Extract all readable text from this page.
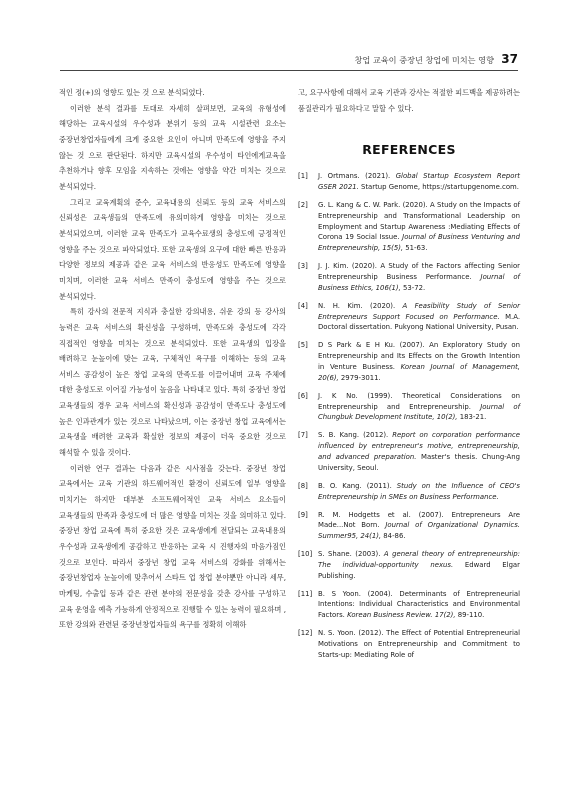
창업 교육이 중장년 창업에 미치는 영향 37

적인 정(+)의 영향도 있는 것 으로 분석되었다.

이러한 분석 결과를 토대로 자세히 살펴보면, 교육의 유형성에 해당하는 교육시설의 우수성과 분위기 등의 교육 시설관련 요소는 중장년창업자들에게 크게 중요한 요인이 아니며 만족도에 영향을 주지 않는 것 으로 판단된다. 하지만 교육시설의 우수성이 타인에게교육을 추천하거나 향후 모임을 지속하는 것에는 영향을 약간 미치는 것으로 분석되었다.

그리고 교육계획의 준수, 교육내용의 신뢰도 등의 교육 서비스의 신뢰성은 교육생들의 만족도에 유의미하게 영향을 미치는 것으로 분석되었으며, 이러한 교육 만족도가 교육수료생의 충성도에 긍정적인 영향을 주는 것으로 파악되었다. 또한 교육생의 요구에 대한 빠른 반응과 다양한 정보의 제공과 같은 교육 서비스의 반응성도 만족도에 영향을 미치며, 이러한 교육 서비스 만족이 충성도에 영향을 주는 것으로 분석되었다.

특히 강사의 전문적 지식과 충실한 강의내용, 쉬운 강의 등 강사의 능력은 교육 서비스의 확신성을 구성하며, 만족도와 충성도에 각각 직접적인 영향을 미치는 것으로 분석되었다. 또한 교육생의 입장을 배려하고 눈높이에 맞는 교육, 구체적인 욕구를 이해하는 등의 교육 서비스 공감성이 높은 창업 교육의 만족도를 이끌어내며 교육 주체에 대한 충성도로 이어질 가능성이 높음을 나타내고 있다. 특히 중장년 창업 교육생들의 경우 교육 서비스의 확신성과 공감성이 만족도나 충성도에 높은 인과관계가 있는 것으로 나타났으며, 이는 중장년 창업 교육에서는 교육생을 배려한 교육과 확실한 정보의 제공이 더욱 중요한 것으로 해석할 수 있을 것이다.

이러한 연구 결과는 다음과 같은 시사점을 갖는다. 중장년 창업 교육에서는 교육 기관의 하드웨어적인 환경이 신뢰도에 일부 영향을 미치기는 하지만 대부분 소프트웨어적인 교육 서비스 요소들이 교육생들의 만족과 충성도에 더 많은 영향을 미치는 것을 의미하고 있다. 중장년 창업 교육에 특히 중요한 것은 교육생에게 전달되는 교육내용의 우수성과 교육생에게 공감하고 반응하는 교육 시 진행자의 마음가짐인 것으로 보인다. 따라서 중장년 창업 교육 서비스의 강화를 위해서는 중장년창업자 눈높이에 맞추어서 스타트 업 창업 분야뿐만 아니라 세무, 마케팅, 수출입 등과 같은 관련 분야의 전문성을 갖춘 강사를 구성하고 교육 운영을 예측 가능하게 안정적으로 진행할 수 있는 능력이 필요하며 , 또한 강의와 관련된 중장년창업자들의 욕구를 정확히 이해하

고, 요구사항에 대해서 교육 기관과 강사는 적절한 피드백을 제공하려는 품질관리가 필요하다고 말할 수 있다.

REFERENCES
[1]	J. Ortmans. (2021). Global Startup Ecosystem Report GSER 2021. Startup Genome, https://startupgenome.com.
[2]	G. L. Kang & C. W. Park. (2020). A Study on the Impacts of Entrepreneurship and Transformational Leadership on Employment and Startup Awareness :Mediating Effects of Corona 19 Social Issue. Journal of Business Venturing and Entrepreneurship, 15(5), 51-63.
[3]	J. J. Kim. (2020). A Study of the Factors affecting Senior Entrepreneurship Business Performance. Journal of Business Ethics, 106(1), 53-72.
[4]	N. H. Kim. (2020). A Feasibility Study of Senior Entrepreneurs Support Focused on Performance. M.A. Doctoral dissertation. Pukyong National University, Pusan.
[5]	D S Park & E H Ku. (2007). An Exploratory Study on Entrepreneurship and Its Effects on the Growth Intention in Venture Business. Korean Journal of Management, 20(6), 2979-3011.
[6]	J. K No. (1999). Theoretical Considerations on Entrepreneurship and Entrepreneurship. Journal of Chungbuk Development Institute, 10(2), 183-21.
[7]	S. B. Kang. (2012). Report on corporation performance influenced by entrepreneur's motive, entrepreneurship, and advanced preparation. Master's thesis. Chung-Ang University, Seoul.
[8]	B. O. Kang. (2011). Study on the Influence of CEO's Entrepreneurship in SMEs on Business Performance.
[9]	R. M. Hodgetts et al. (2007). Entrepreneurs Are Made...Not Born. Journal of Organizational Dynamics. Summer95, 24(1), 84-86.
[10] S. Shane. (2003). A general theory of entrepreneurship: The individual-opportunity nexus. Edward Elgar Publishing.
[11] B. S Yoon. (2004). Determinants of Entrepreneurial Intentions: Individual Characteristics and Environmental Factors. Korean Business Review. 17(2), 89-110.
[12] N. S. Yoon. (2012). The Effect of Potential Entrepreneurial Motivations on Entrepreneurship and Commitment to Starts-up: Mediating Role of
